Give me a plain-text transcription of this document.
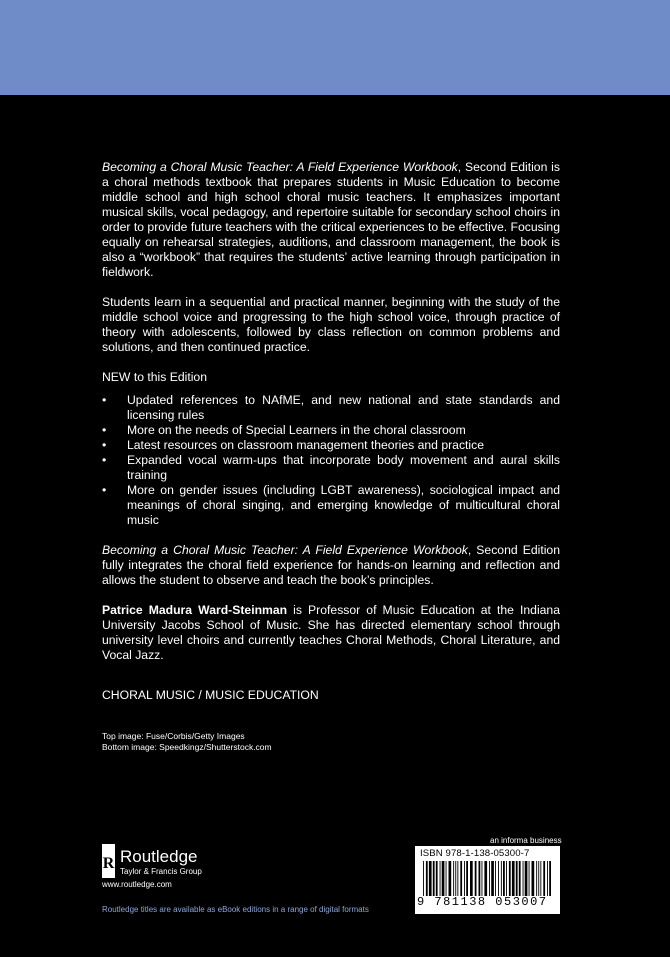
Becoming a Choral Music Teacher: A Field Experience Workbook, Second Edition is a choral methods textbook that prepares students in Music Education to become middle school and high school choral music teachers. It emphasizes important musical skills, vocal pedagogy, and repertoire suitable for secondary school choirs in order to provide future teachers with the critical experiences to be effective. Focusing equally on rehearsal strategies, auditions, and classroom management, the book is also a “workbook” that requires the students’ active learning through participation in fieldwork.

Students learn in a sequential and practical manner, beginning with the study of the middle school voice and progressing to the high school voice, through practice of theory with adolescents, followed by class reflection on common problems and solutions, and then continued practice.

NEW to this Edition

• Updated references to NAfME, and new national and state standards and licensing rules
• More on the needs of Special Learners in the choral classroom
• Latest resources on classroom management theories and practice
• Expanded vocal warm-ups that incorporate body movement and aural skills training
• More on gender issues (including LGBT awareness), sociological impact and meanings of choral singing, and emerging knowledge of multicultural choral music

Becoming a Choral Music Teacher: A Field Experience Workbook, Second Edition fully integrates the choral field experience for hands-on learning and reflection and allows the student to observe and teach the book’s principles.

Patrice Madura Ward-Steinman is Professor of Music Education at the Indiana University Jacobs School of Music. She has directed elementary school through university level choirs and currently teaches Choral Methods, Choral Literature, and Vocal Jazz.

CHORAL MUSIC / MUSIC EDUCATION
Top image: Fuse/Corbis/Getty Images
Bottom image: Speedkingz/Shutterstock.com
R Routledge
Taylor & Francis Group
www.routledge.com
Routledge titles are available as eBook editions in a range of digital formats
an informa business
ISBN 978-1-138-05300-7
9 781138 053007
